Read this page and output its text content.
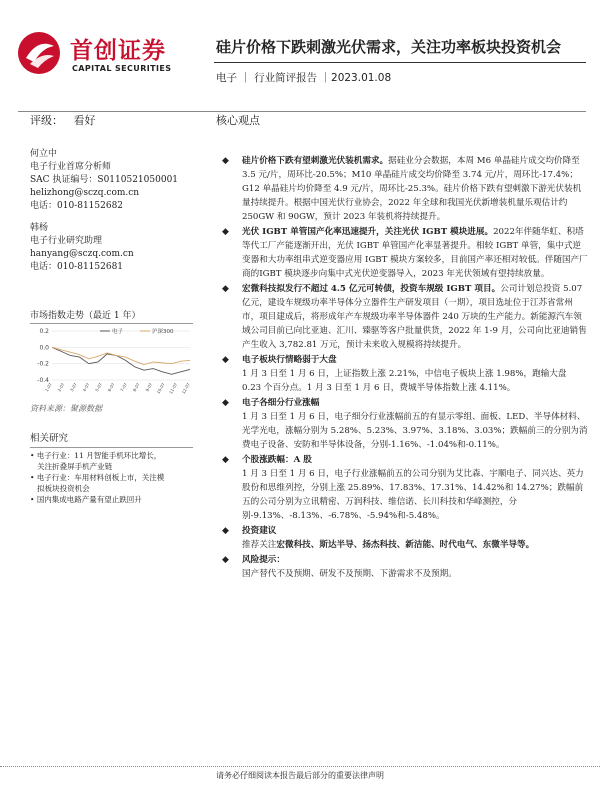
首创证券
CAPITAL SECURITIES
硅片价格下跌刺激光伏需求，关注功率板块投资机会
电子 ｜ 行业简评报告 ｜2023.01.08
评级： 看好	核心观点
何立中
电子行业首席分析师
SAC 执证编号：S0110521050001
helizhong@sczq.com.cn
电话：010-81152682
韩杨
电子行业研究助理
hanyang@sczq.com.cn
电话：010-81152681
市场指数走势（最近 1 年）
0.2
0.0
-0.2
-0.4
1-07 2-07 3-07 4-07 5-07 6-07 7-07 8-07 9-07 10-07 11-07 12-07
电子	沪深300
资料来源：聚源数据
相关研究
• 电子行业：11 月智能手机环比增长，
关注折叠屏手机产业链
• 电子行业：车用材料创板上市，关注模
拟板块投资机会
• 国内集成电路产量有望止跌回升
◆ 硅片价格下跌有望刺激光伏装机需求。据硅业分会数据，本周 M6 单晶硅片成交均价降至 3.5 元/片，周环比-20.5%；M10 单晶硅片成交均价降至 3.74 元/片，周环比-17.4%；G12 单晶硅片均价降至 4.9 元/片，周环比-25.3%。硅片价格下跌有望刺激下游光伏装机量持续提升。根据中国光伏行业协会，2022 年全球和我国光伏新增装机量乐观估计约250GW 和 90GW，预计 2023 年装机将持续提升。

◆ 光伏 IGBT 单管国产化率迅速提升，关注光伏 IGBT 模块进展。2022年伴随华虹、积塔等代工厂产能逐渐开出，光伏 IGBT 单管国产化率显著提升。相较 IGBT 单管，集中式逆变器和大功率组串式逆变器应用 IGBT 模块方案较多，目前国产率还相对较低。伴随国产厂商的IGBT 模块逐步向集中式光伏逆变器导入，2023 年光伏领域有望持续放量。

◆ 宏微科技拟发行不超过 4.5 亿元可转债，投资车规级 IGBT 项目。公司计划总投资 5.07 亿元，建设车规级功率半导体分立器件生产研发项目（一期），项目选址位于江苏省常州市，项目建成后，将形成年产车规级功率半导体器件 240 万块的生产能力。新能源汽车领域公司目前已向比亚迪、汇川、臻驱等客户批量供货，2022 年 1-9 月，公司向比亚迪销售产生收入 3,782.81 万元，预计未来收入规模将持续提升。

◆ 电子板块行情略弱于大盘

1 月 3 日至 1 月 6 日，上证指数上涨 2.21%，中信电子板块上涨 1.98%，跑输大盘 0.23 个百分点。1 月 3 日至 1 月 6 日，费城半导体指数上涨 4.11%。

◆ 电子各细分行业涨幅

1 月 3 日至 1 月 6 日，电子细分行业涨幅前五的有显示零组、面板、LED、半导体材料、光学光电，涨幅分别为 5.28%、5.23%、3.97%、3.18%、3.03%；跌幅前三的分别为消费电子设备、安防和半导体设备，分别-1.16%、-1.04%和-0.11%。

◆ 个股涨跌幅：A 股

1 月 3 日至 1 月 6 日，电子行业涨幅前五的公司分别为艾比森、宇顺电子、同兴达、英力股份和思维列控，分别上涨 25.89%、17.83%、17.31%、14.42%和 14.27%；跌幅前五的公司分别为立讯精密、万润科技、维信诺、长川科技和华峰测控，分别-9.13%、-8.13%、-6.78%、-5.94%和-5.48%。

◆ 投资建议

推荐关注宏微科技、斯达半导、扬杰科技、新洁能、时代电气、东微半导等。

◆ 风险提示：

国产替代不及预期、研发不及预期、下游需求不及预期。

请务必仔细阅读本报告最后部分的重要法律声明
